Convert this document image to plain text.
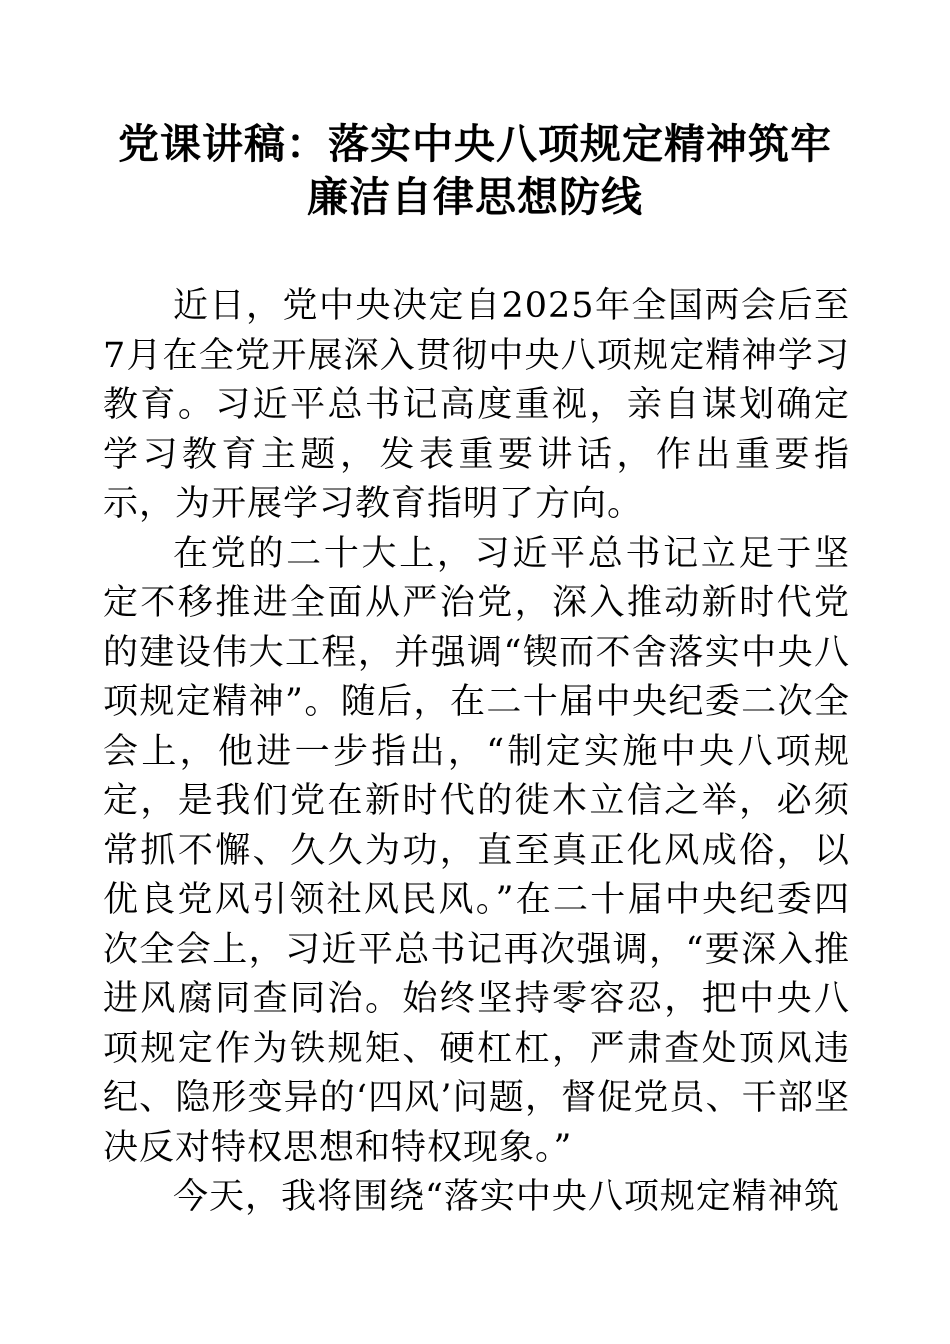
党课讲稿：落实中央八项规定精神筑牢廉洁自律思想防线

近日，党中央决定自2025年全国两会后至7月在全党开展深入贯彻中央八项规定精神学习教育。习近平总书记高度重视，亲自谋划确定学习教育主题，发表重要讲话，作出重要指示，为开展学习教育指明了方向。

在党的二十大上，习近平总书记立足于坚定不移推进全面从严治党，深入推动新时代党的建设伟大工程，并强调“锲而不舍落实中央八项规定精神”。随后，在二十届中央纪委二次全会上，他进一步指出，“制定实施中央八项规定，是我们党在新时代的徙木立信之举，必须常抓不懈、久久为功，直至真正化风成俗，以优良党风引领社风民风。”在二十届中央纪委四次全会上，习近平总书记再次强调，“要深入推进风腐同查同治。始终坚持零容忍，把中央八项规定作为铁规矩、硬杠杠，严肃查处顶风违纪、隐形变异的‘四风’问题，督促党员、干部坚决反对特权思想和特权现象。”

今天，我将围绕“落实中央八项规定精神筑
